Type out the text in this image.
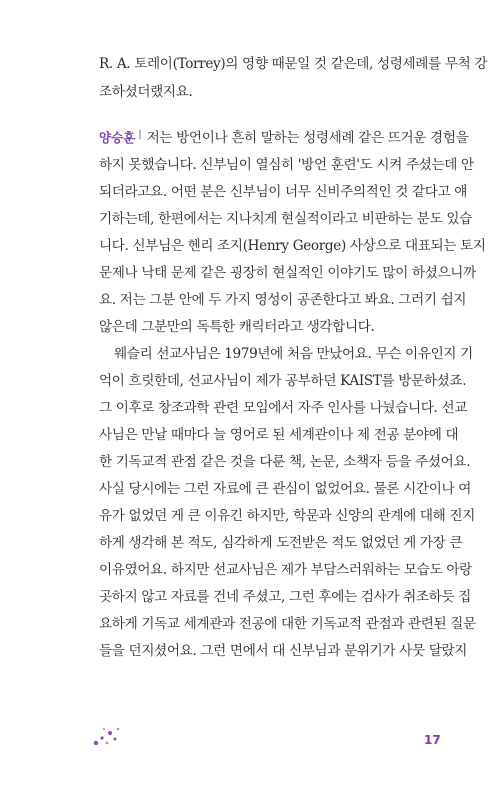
R. A. 토레이(Torrey)의 영향 때문일 것 같은데, 성령세례를 무척 강
조하셨더랬지요.
양승훈 | 저는 방언이나 흔히 말하는 성령세례 같은 뜨거운 경험을
하지 못했습니다. 신부님이 열심히 '방언 훈련'도 시켜 주셨는데 안
되더라고요. 어떤 분은 신부님이 너무 신비주의적인 것 같다고 얘
기하는데, 한편에서는 지나치게 현실적이라고 비판하는 분도 있습
니다. 신부님은 헨리 조지(Henry George) 사상으로 대표되는 토지
문제나 낙태 문제 같은 굉장히 현실적인 이야기도 많이 하셨으니까
요. 저는 그분 안에 두 가지 영성이 공존한다고 봐요. 그러기 쉽지
않은데 그분만의 독특한 캐릭터라고 생각합니다.
웨슬리 선교사님은 1979년에 처음 만났어요. 무슨 이유인지 기
억이 흐릿한데, 선교사님이 제가 공부하던 KAIST를 방문하셨죠.
그 이후로 창조과학 관련 모임에서 자주 인사를 나눴습니다. 선교
사님은 만날 때마다 늘 영어로 된 세계관이나 제 전공 분야에 대
한 기독교적 관점 같은 것을 다룬 책, 논문, 소책자 등을 주셨어요.
사실 당시에는 그런 자료에 큰 관심이 없었어요. 물론 시간이나 여
유가 없었던 게 큰 이유긴 하지만, 학문과 신앙의 관계에 대해 진지
하게 생각해 본 적도, 심각하게 도전받은 적도 없었던 게 가장 큰
이유였어요. 하지만 선교사님은 제가 부담스러워하는 모습도 아랑
곳하지 않고 자료를 건네 주셨고, 그런 후에는 검사가 취조하듯 집
요하게 기독교 세계관과 전공에 대한 기독교적 관점과 관련된 질문
들을 던지셨어요. 그런 면에서 대 신부님과 분위기가 사뭇 달랐지
17
